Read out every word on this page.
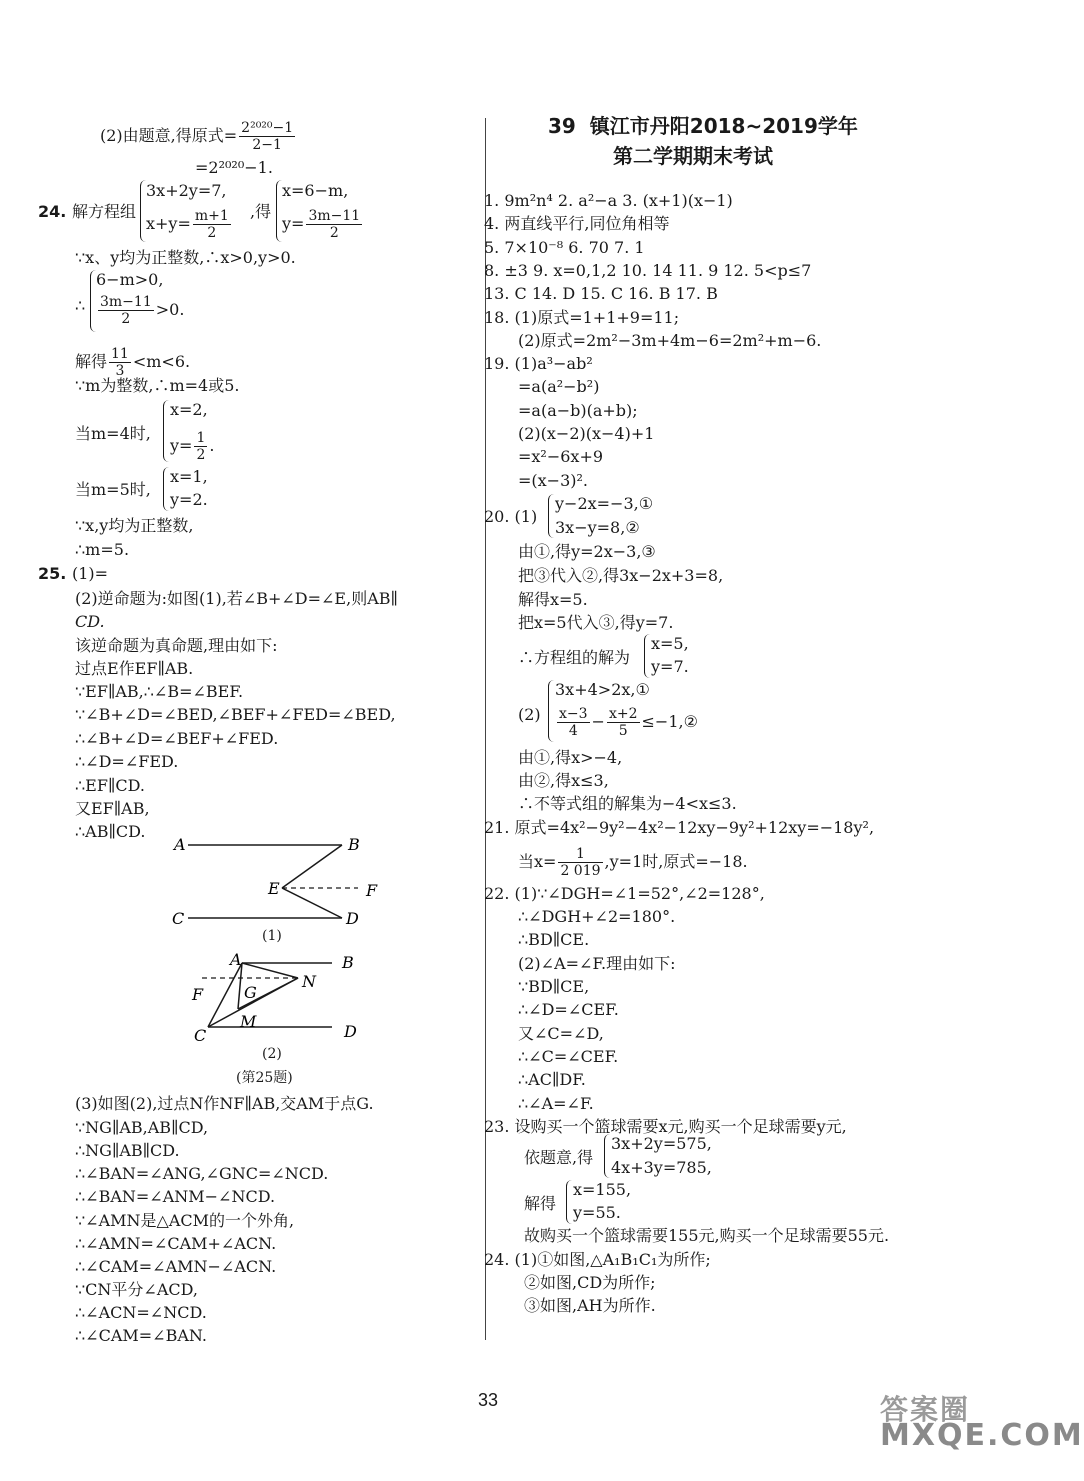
(2)由题意,得原式= $\frac{\text{2²⁰²⁰−1}}{2-1}$
=2²⁰²⁰−1.
24. 解方程组
3x+2y=7,
$x+y= \frac{m+1}{2}$ ,得
x=6−m,
$y= \frac{3m-11}{2}$
∵x、y均为正整数,∴x>0,y>0.
∴
6−m>0,
$\frac{3m-11}{2} >0$.
解得 $\frac{11}{3} <m<6$.
∵m为整数,∴m=4或5.
当m=4时,
x=2,
$y= \frac{1}{2}$ .
当m=5时,
x=1,
y=2.
∵x,y均为正整数,
∴m=5.
25. (1)=
(2)逆命题为:如图(1),若∠B+∠D=∠E,则AB∥
CD.
该逆命题为真命题,理由如下:
过点E作EF∥AB.
∵EF∥AB,∴∠B=∠BEF.
∵∠B+∠D=∠BED,∠BEF+∠FED=∠BED,
∴∠B+∠D=∠BEF+∠FED.
∴∠D=∠FED.
∴EF∥CD.
又EF∥AB,
∴AB∥CD.
A	B
E	F
C	D
(1)
A	B
N
F	G
M
C	D
(2)
(第25题)
(3)如图(2),过点N作NF∥AB,交AM于点G.
∵NG∥AB,AB∥CD,
∴NG∥AB∥CD.
∴∠BAN=∠ANG,∠GNC=∠NCD.
∴∠BAN=∠ANM−∠NCD.
∵∠AMN是△ACM的一个外角,
∴∠AMN=∠CAM+∠ACN.
∴∠CAM=∠AMN−∠ACN.
∵CN平分∠ACD,
∴∠ACN=∠NCD.
∴∠CAM=∠BAN.
39 镇江市丹阳2018~2019学年
第二学期期末考试
1. 9m²n⁴ 2. a²−a 3. (x+1)(x−1)
4. 两直线平行,同位角相等
5. 7×10⁻⁸ 6. 70 7. 1
8. ±3 9. x=0,1,2 10. 14 11. 9 12. 5<p≤7
13. C 14. D 15. C 16. B 17. B
18. (1)原式=1+1+9=11;
(2)原式=2m²−3m+4m−6=2m²+m−6.
19. (1)a³−ab²
=a(a²−b²)
=a(a−b)(a+b);
(2)(x−2)(x−4)+1
=x²−6x+9
=(x−3)².
20. (1)
y−2x=−3,①
3x−y=8,②
由①,得y=2x−3,③
把③代入②,得3x−2x+3=8,
解得x=5.
把x=5代入③,得y=7.
∴方程组的解为
x=5,
y=7.
(2)
3x+4>2x,①
$\frac{x-3}{4} - \frac{x+2}{5}$ ≤−1,②
由①,得x>−4,
由②,得x≤3,
∴不等式组的解集为−4<x≤3.
21. 原式=4x²−9y²−4x²−12xy−9y²+12xy=−18y²,
当$x= \frac{1}{2 019} ,y=1$时,原式=−18.
22. (1)∵∠DGH=∠1=52°,∠2=128°,
∴∠DGH+∠2=180°.
∴BD∥CE.
(2)∠A=∠F.理由如下:
∵BD∥CE,
∴∠D=∠CEF.
又∠C=∠D,
∴∠C=∠CEF.
∴AC∥DF.
∴∠A=∠F.
23. 设购买一个篮球需要x元,购买一个足球需要y元,
依题意,得
3x+2y=575,
4x+3y=785,
解得
x=155,
y=55.
故购买一个篮球需要155元,购买一个足球需要55元.
24. (1)①如图,△A₁B₁C₁为所作;
②如图,CD为所作;
③如图,AH为所作.
33	答案圈
MXQE.COM
